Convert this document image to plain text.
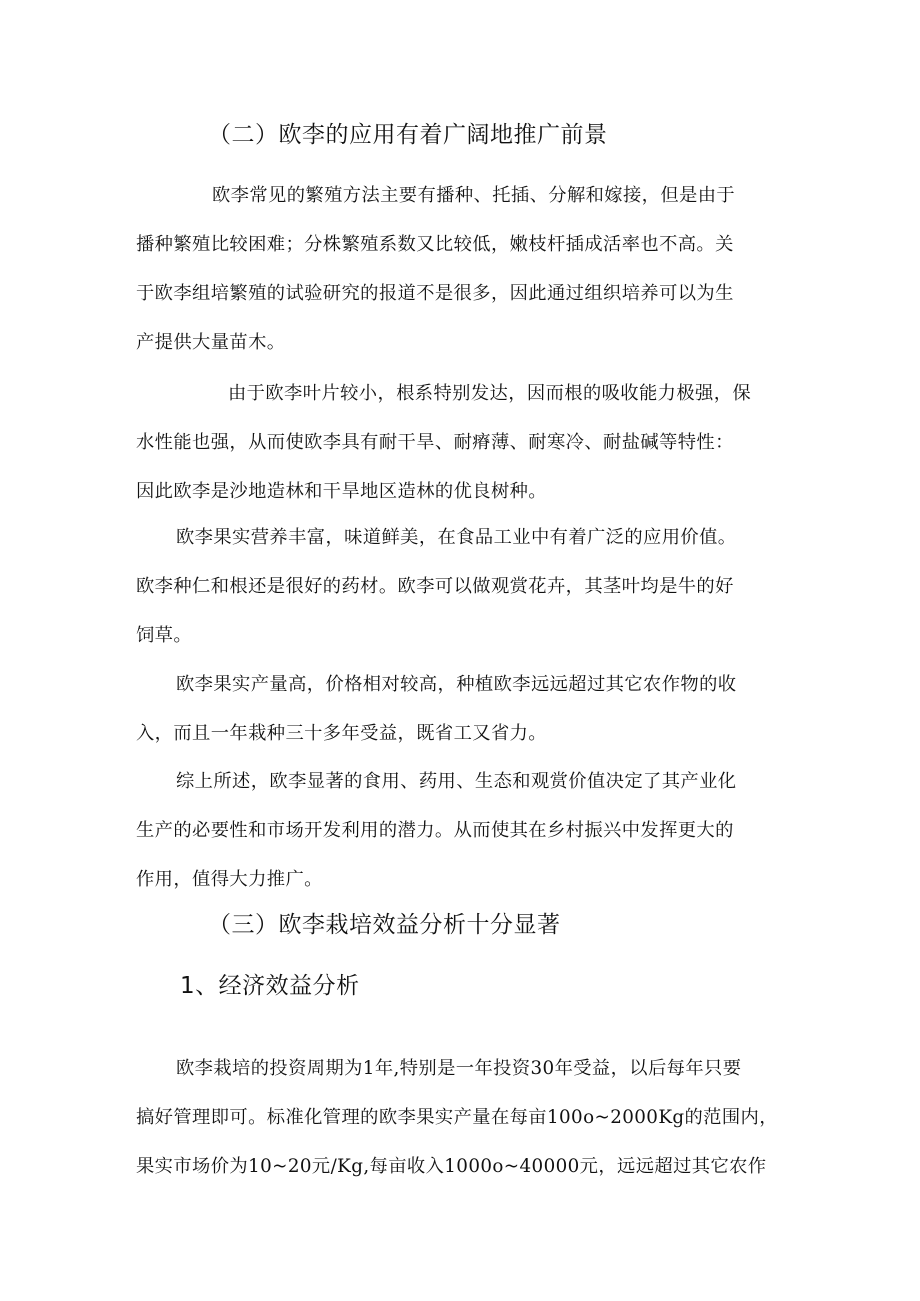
（二）欧李的应用有着广阔地推广前景

欧李常见的繁殖方法主要有播种、托插、分解和嫁接，但是由于
播种繁殖比较困难；分株繁殖系数又比较低，嫩枝杆插成活率也不高。关
于欧李组培繁殖的试验研究的报道不是很多，因此通过组织培养可以为生
产提供大量苗木。

由于欧李叶片较小，根系特别发达，因而根的吸收能力极强，保
水性能也强，从而使欧李具有耐干旱、耐瘠薄、耐寒冷、耐盐碱等特性：
因此欧李是沙地造林和干旱地区造林的优良树种。

欧李果实营养丰富，味道鲜美，在食品工业中有着广泛的应用价值。
欧李种仁和根还是很好的药材。欧李可以做观赏花卉，其茎叶均是牛的好
饲草。

欧李果实产量高，价格相对较高，种植欧李远远超过其它农作物的收
入，而且一年栽种三十多年受益，既省工又省力。

综上所述，欧李显著的食用、药用、生态和观赏价值决定了其产业化
生产的必要性和市场开发利用的潜力。从而使其在乡村振兴中发挥更大的
作用，值得大力推广。

（三）欧李栽培效益分析十分显著
1、经济效益分析

欧李栽培的投资周期为1年,特别是一年投资30年受益，以后每年只要
搞好管理即可。标准化管理的欧李果实产量在每亩100o~2000Kg的范围内，
果实市场价为10~20元/Kg,每亩收入1000o~40000元，远远超过其它农作
